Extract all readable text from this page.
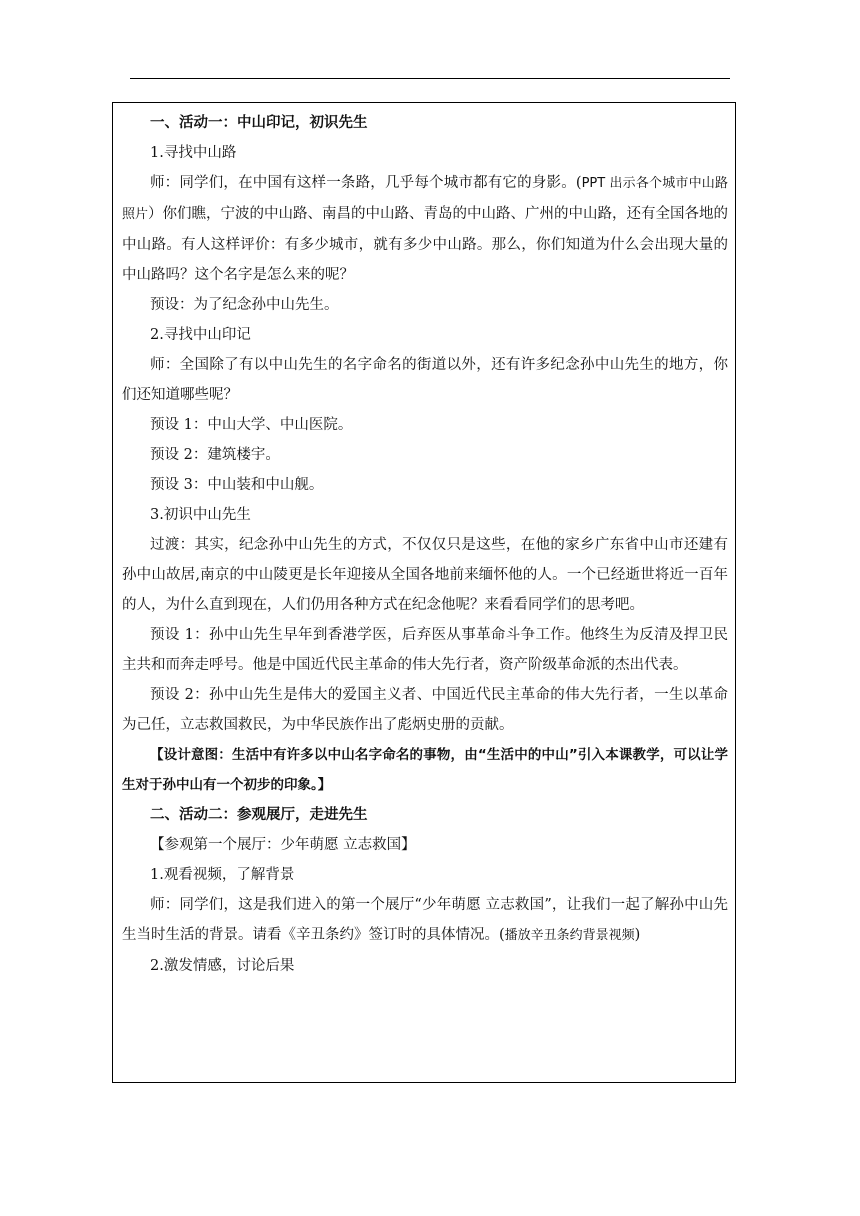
一、活动一：中山印记，初识先生

1.寻找中山路

师：同学们，在中国有这样一条路，几乎每个城市都有它的身影。(PPT 出示各个城市中山路照片）你们瞧，宁波的中山路、南昌的中山路、青岛的中山路、广州的中山路，还有全国各地的中山路。有人这样评价：有多少城市，就有多少中山路。那么，你们知道为什么会出现大量的中山路吗？这个名字是怎么来的呢？

预设：为了纪念孙中山先生。

2.寻找中山印记

师：全国除了有以中山先生的名字命名的街道以外，还有许多纪念孙中山先生的地方，你们还知道哪些呢？

预设 1：中山大学、中山医院。

预设 2：建筑楼宇。

预设 3：中山装和中山舰。

3.初识中山先生

过渡：其实，纪念孙中山先生的方式，不仅仅只是这些，在他的家乡广东省中山市还建有孙中山故居,南京的中山陵更是长年迎接从全国各地前来缅怀他的人。一个已经逝世将近一百年的人，为什么直到现在，人们仍用各种方式在纪念他呢？来看看同学们的思考吧。

预设 1：孙中山先生早年到香港学医，后弃医从事革命斗争工作。他终生为反清及捍卫民主共和而奔走呼号。他是中国近代民主革命的伟大先行者，资产阶级革命派的杰出代表。

预设 2：孙中山先生是伟大的爱国主义者、中国近代民主革命的伟大先行者，一生以革命为己任，立志救国救民，为中华民族作出了彪炳史册的贡献。

【设计意图：生活中有许多以中山名字命名的事物，由“生活中的中山”引入本课教学，可以让学生对于孙中山有一个初步的印象。】

二、活动二：参观展厅，走进先生

【参观第一个展厅：少年萌愿 立志救国】

1.观看视频，了解背景

师：同学们，这是我们进入的第一个展厅“少年萌愿 立志救国”，让我们一起了解孙中山先生当时生活的背景。请看《辛丑条约》签订时的具体情况。(播放辛丑条约背景视频)

2.激发情感，讨论后果
